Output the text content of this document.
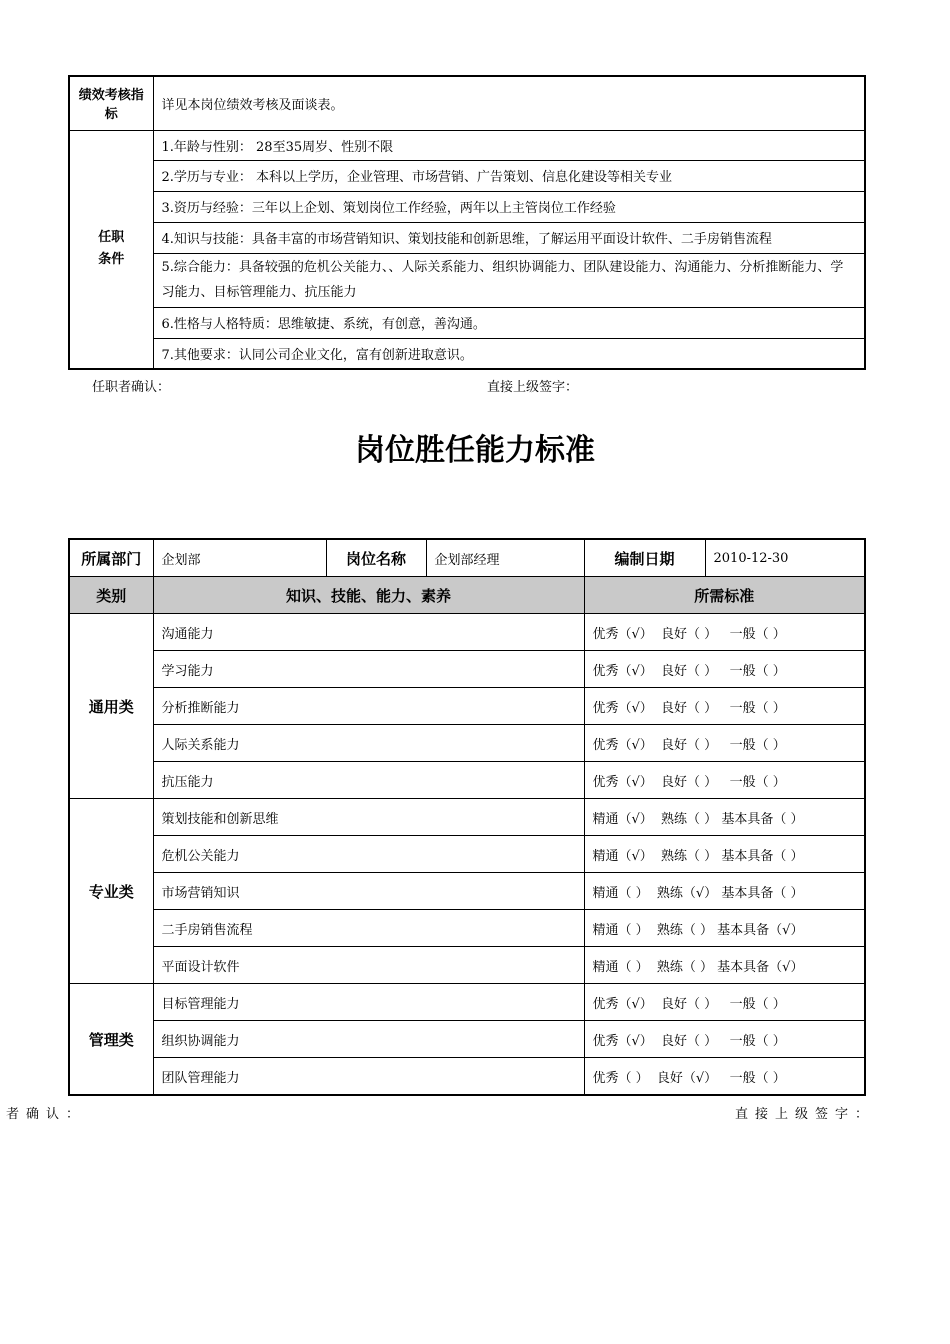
绩效考核指标	详见本岗位绩效考核及面谈表。
任职条件	1.年龄与性别： 28至35周岁、性别不限
	2.学历与专业： 本科以上学历，企业管理、市场营销、广告策划、信息化建设等相关专业
	3.资历与经验：三年以上企划、策划岗位工作经验，两年以上主管岗位工作经验
	4.知识与技能：具备丰富的市场营销知识、策划技能和创新思维，了解运用平面设计软件、二手房销售流程
	5.综合能力：具备较强的危机公关能力、、人际关系能力、组织协调能力、团队建设能力、沟通能力、分析推断能力、学习能力、目标管理能力、抗压能力
	6.性格与人格特质：思维敏捷、系统，有创意，善沟通。
	7.其他要求：认同公司企业文化，富有创新进取意识。
任职者确认：	直接上级签字：
岗位胜任能力标准
所属部门	企划部	岗位名称	企划部经理	编制日期	2010-12-30
类别	知识、技能、能力、素养			所需标准	
通用类	沟通能力			优秀（√）  良好（ ）   一般（ ）	
	学习能力			优秀（√）  良好（ ）   一般（ ）	
	分析推断能力			优秀（√）  良好（ ）   一般（ ）	
	人际关系能力			优秀（√）  良好（ ）   一般（ ）	
	抗压能力			优秀（√）  良好（ ）   一般（ ）	
专业类	策划技能和创新思维			精通（√）  熟练（ ） 基本具备（ ）	
	危机公关能力			精通（√）  熟练（ ） 基本具备（ ）	
	市场营销知识			精通（ ）  熟练（√） 基本具备（ ）	
	二手房销售流程			精通（ ）  熟练（ ） 基本具备（√）	
	平面设计软件			精通（ ）  熟练（ ） 基本具备（√）	
管理类	目标管理能力			优秀（√）  良好（ ）   一般（ ）	
	组织协调能力			优秀（√）  良好（ ）   一般（ ）	
	团队管理能力			优秀（ ）  良好（√）   一般（ ）	
者确认：	直接上级签字：
